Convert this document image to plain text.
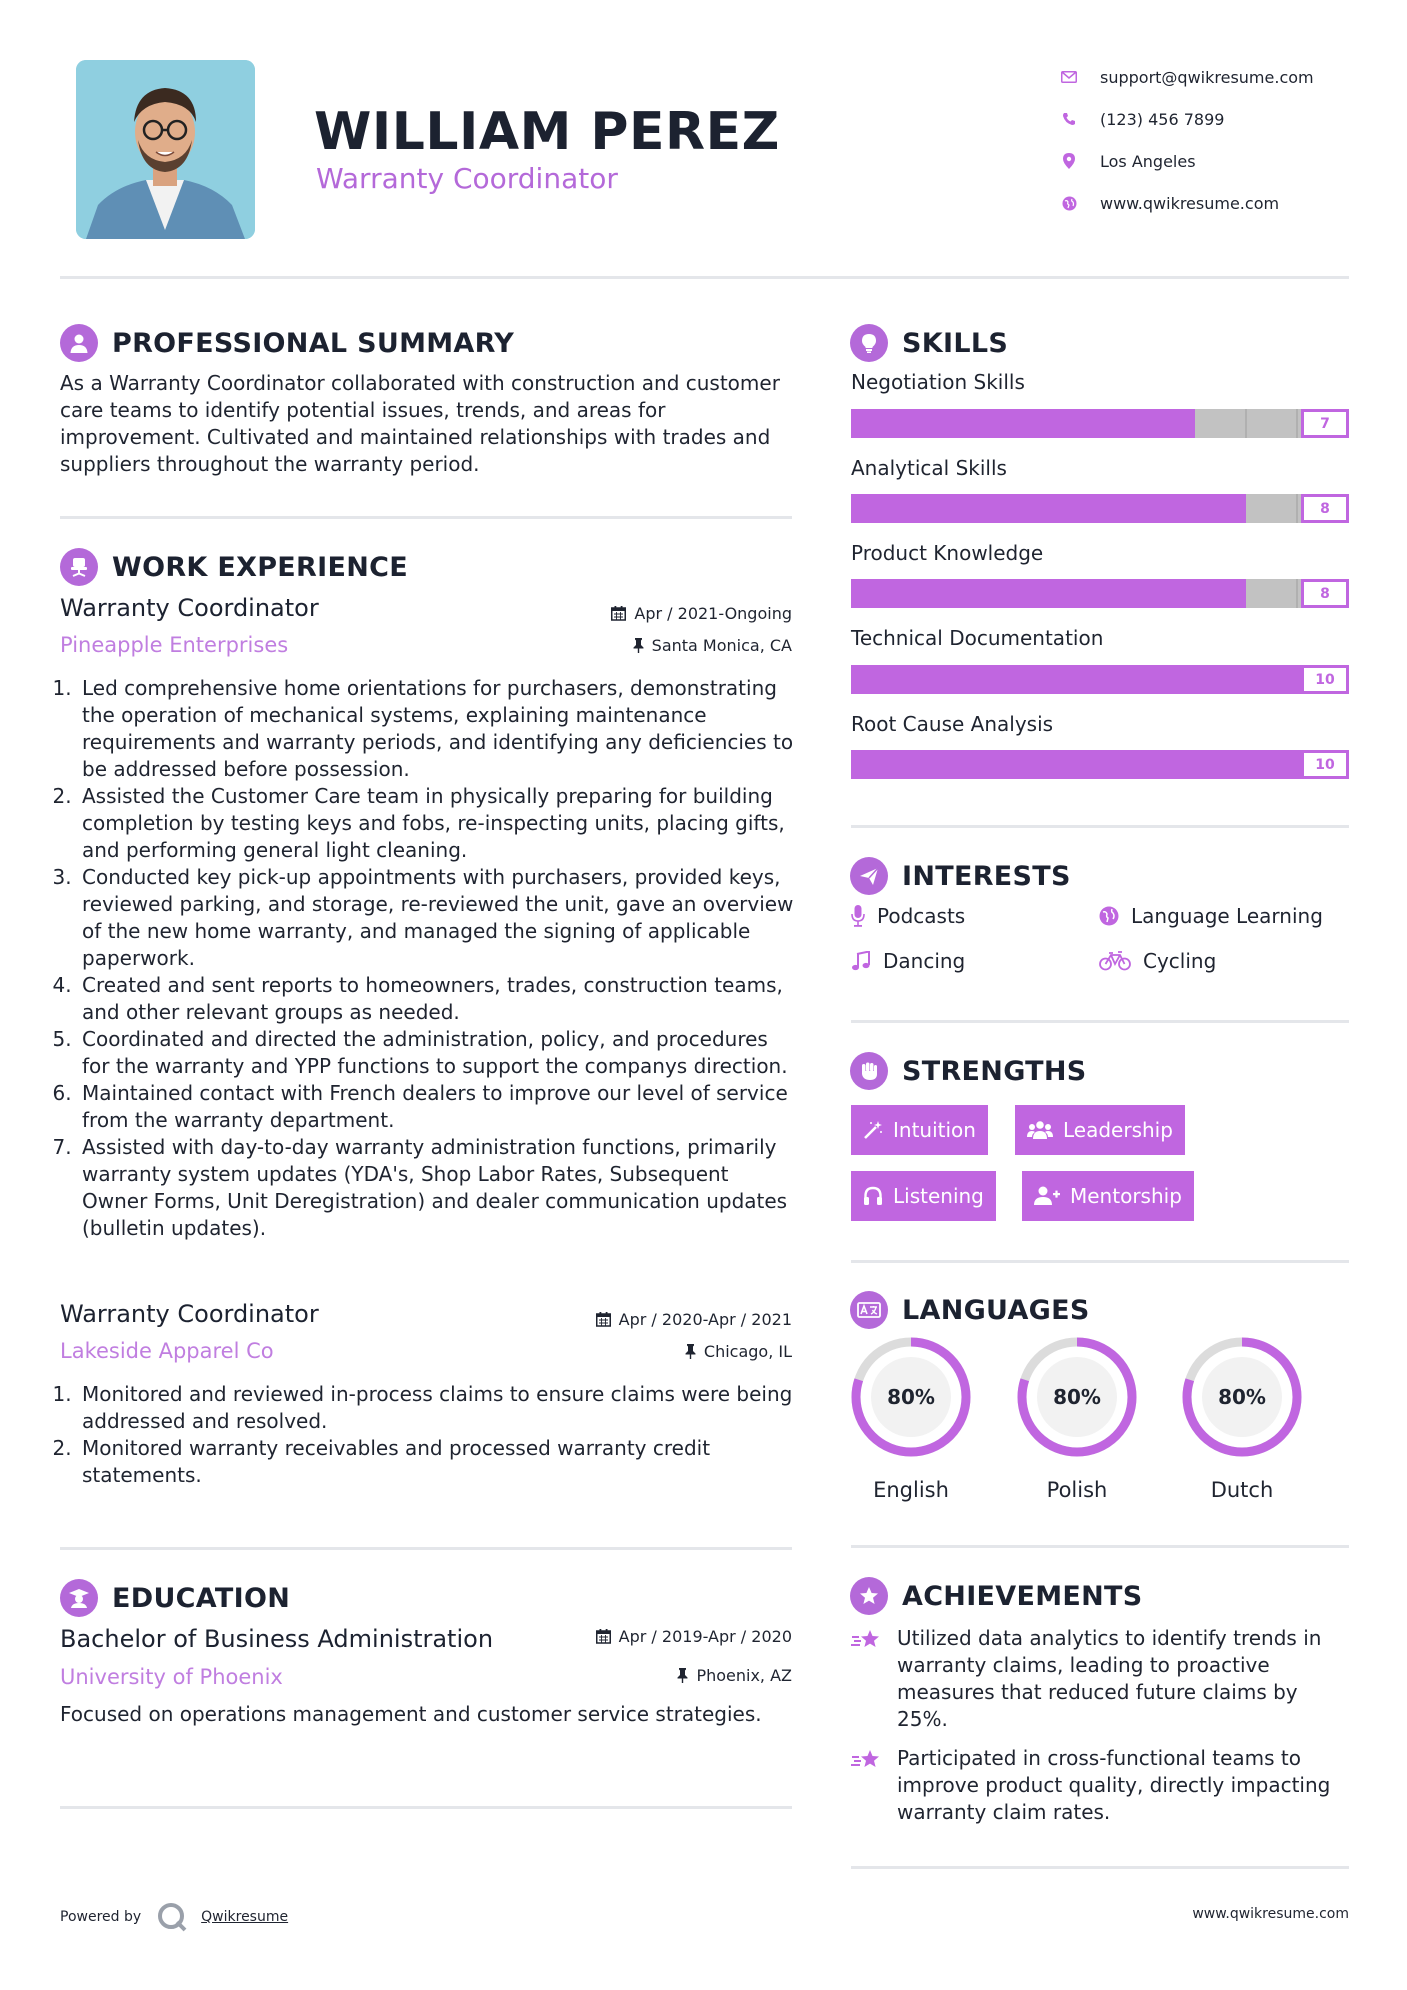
WILLIAM PEREZ
Warranty Coordinator
support@qwikresume.com
(123) 456 7899
Los Angeles
www.qwikresume.com
PROFESSIONAL SUMMARY
As a Warranty Coordinator collaborated with construction and customer care teams to identify potential issues, trends, and areas for improvement. Cultivated and maintained relationships with trades and suppliers throughout the warranty period.
WORK EXPERIENCE
Warranty Coordinator	Apr / 2021-Ongoing
Pineapple Enterprises	Santa Monica, CA
1. Led comprehensive home orientations for purchasers, demonstrating the operation of mechanical systems, explaining maintenance requirements and warranty periods, and identifying any deficiencies to be addressed before possession.
2. Assisted the Customer Care team in physically preparing for building completion by testing keys and fobs, re-inspecting units, placing gifts, and performing general light cleaning.
3. Conducted key pick-up appointments with purchasers, provided keys, reviewed parking, and storage, re-reviewed the unit, gave an overview of the new home warranty, and managed the signing of applicable paperwork.
4. Created and sent reports to homeowners, trades, construction teams, and other relevant groups as needed.
5. Coordinated and directed the administration, policy, and procedures for the warranty and YPP functions to support the companys direction.
6. Maintained contact with French dealers to improve our level of service from the warranty department.
7. Assisted with day-to-day warranty administration functions, primarily warranty system updates (YDA's, Shop Labor Rates, Subsequent Owner Forms, Unit Deregistration) and dealer communication updates (bulletin updates).
Warranty Coordinator	Apr / 2020-Apr / 2021
Lakeside Apparel Co	Chicago, IL
1. Monitored and reviewed in-process claims to ensure claims were being addressed and resolved.
2. Monitored warranty receivables and processed warranty credit statements.
EDUCATION
Bachelor of Business Administration	Apr / 2019-Apr / 2020
University of Phoenix	Phoenix, AZ
Focused on operations management and customer service strategies.
SKILLS
Negotiation Skills
7
Analytical Skills
8
Product Knowledge
8
Technical Documentation
10
Root Cause Analysis
10
INTERESTS
Podcasts	Language Learning
Dancing	Cycling
STRENGTHS
Intuition	Leadership
Listening	Mentorship
LANGUAGES
80%
English
80%
Polish
80%
Dutch
ACHIEVEMENTS
Utilized data analytics to identify trends in warranty claims, leading to proactive measures that reduced future claims by 25%.
Participated in cross-functional teams to improve product quality, directly impacting warranty claim rates.
Powered by	Qwikresume	www.qwikresume.com
